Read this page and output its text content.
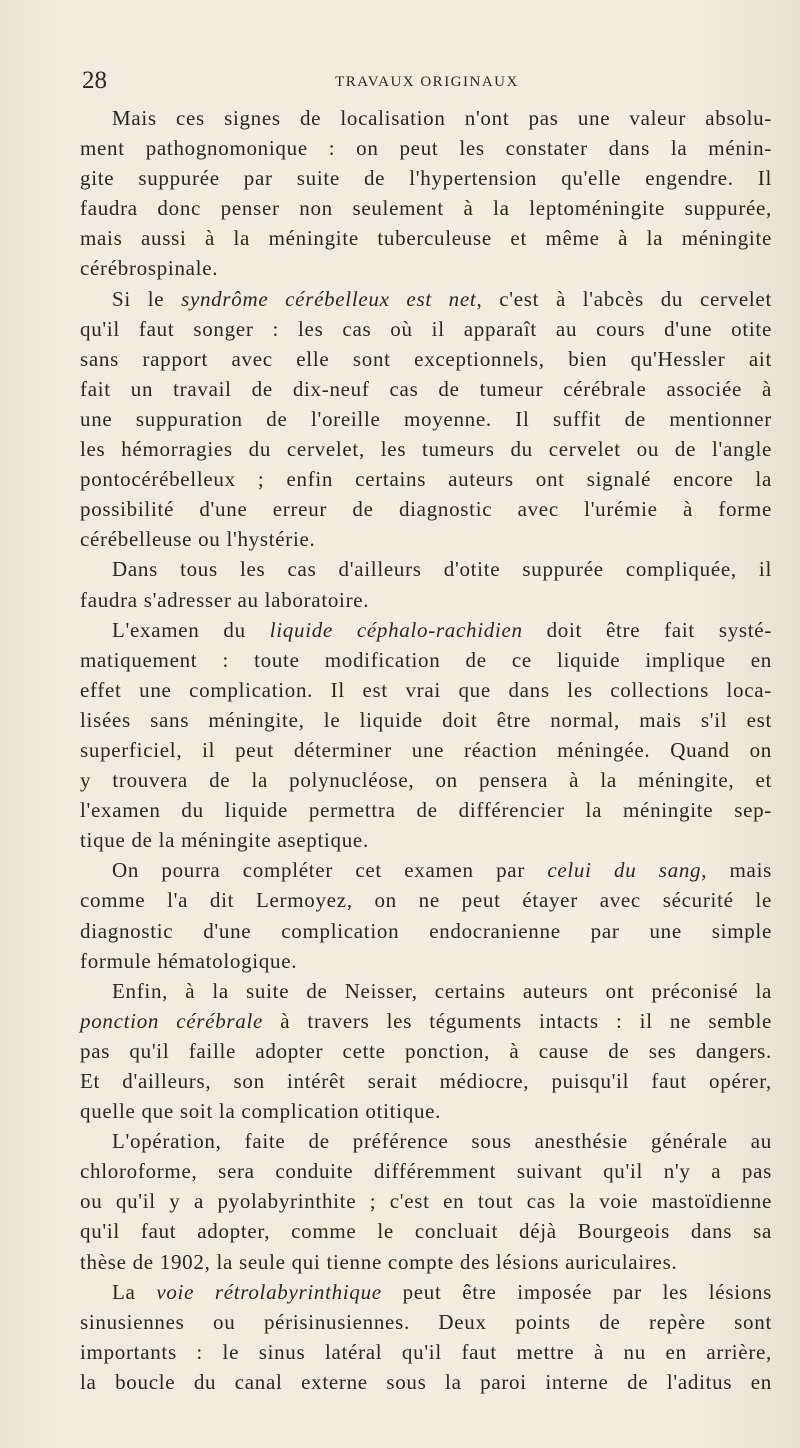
28	TRAVAUX ORIGINAUX
Mais ces signes de localisation n'ont pas une valeur absolu-
ment pathognomonique : on peut les constater dans la ménin-
gite suppurée par suite de l'hypertension qu'elle engendre. Il
faudra donc penser non seulement à la leptoméningite suppurée,
mais aussi à la méningite tuberculeuse et même à la méningite
cérébrospinale.
Si le syndrôme cérébelleux est net, c'est à l'abcès du cervelet
qu'il faut songer : les cas où il apparaît au cours d'une otite
sans rapport avec elle sont exceptionnels, bien qu'Hessler ait
fait un travail de dix-neuf cas de tumeur cérébrale associée à
une suppuration de l'oreille moyenne. Il suffit de mentionner
les hémorragies du cervelet, les tumeurs du cervelet ou de l'angle
pontocérébelleux ; enfin certains auteurs ont signalé encore la
possibilité d'une erreur de diagnostic avec l'urémie à forme
cérébelleuse ou l'hystérie.
Dans tous les cas d'ailleurs d'otite suppurée compliquée, il
faudra s'adresser au laboratoire.
L'examen du liquide céphalo-rachidien doit être fait systé-
matiquement : toute modification de ce liquide implique en
effet une complication. Il est vrai que dans les collections loca-
lisées sans méningite, le liquide doit être normal, mais s'il est
superficiel, il peut déterminer une réaction méningée. Quand on
y trouvera de la polynucléose, on pensera à la méningite, et
l'examen du liquide permettra de différencier la méningite sep-
tique de la méningite aseptique.
On pourra compléter cet examen par celui du sang, mais
comme l'a dit Lermoyez, on ne peut étayer avec sécurité le
diagnostic d'une complication endocranienne par une simple
formule hématologique.
Enfin, à la suite de Neisser, certains auteurs ont préconisé la
ponction cérébrale à travers les téguments intacts : il ne semble
pas qu'il faille adopter cette ponction, à cause de ses dangers.
Et d'ailleurs, son intérêt serait médiocre, puisqu'il faut opérer,
quelle que soit la complication otitique.
L'opération, faite de préférence sous anesthésie générale au
chloroforme, sera conduite différemment suivant qu'il n'y a pas
ou qu'il y a pyolabyrinthite ; c'est en tout cas la voie mastoïdienne
qu'il faut adopter, comme le concluait déjà Bourgeois dans sa
thèse de 1902, la seule qui tienne compte des lésions auriculaires.
La voie rétrolabyrinthique peut être imposée par les lésions
sinusiennes ou périsinusiennes. Deux points de repère sont
importants : le sinus latéral qu'il faut mettre à nu en arrière,
la boucle du canal externe sous la paroi interne de l'aditus en
